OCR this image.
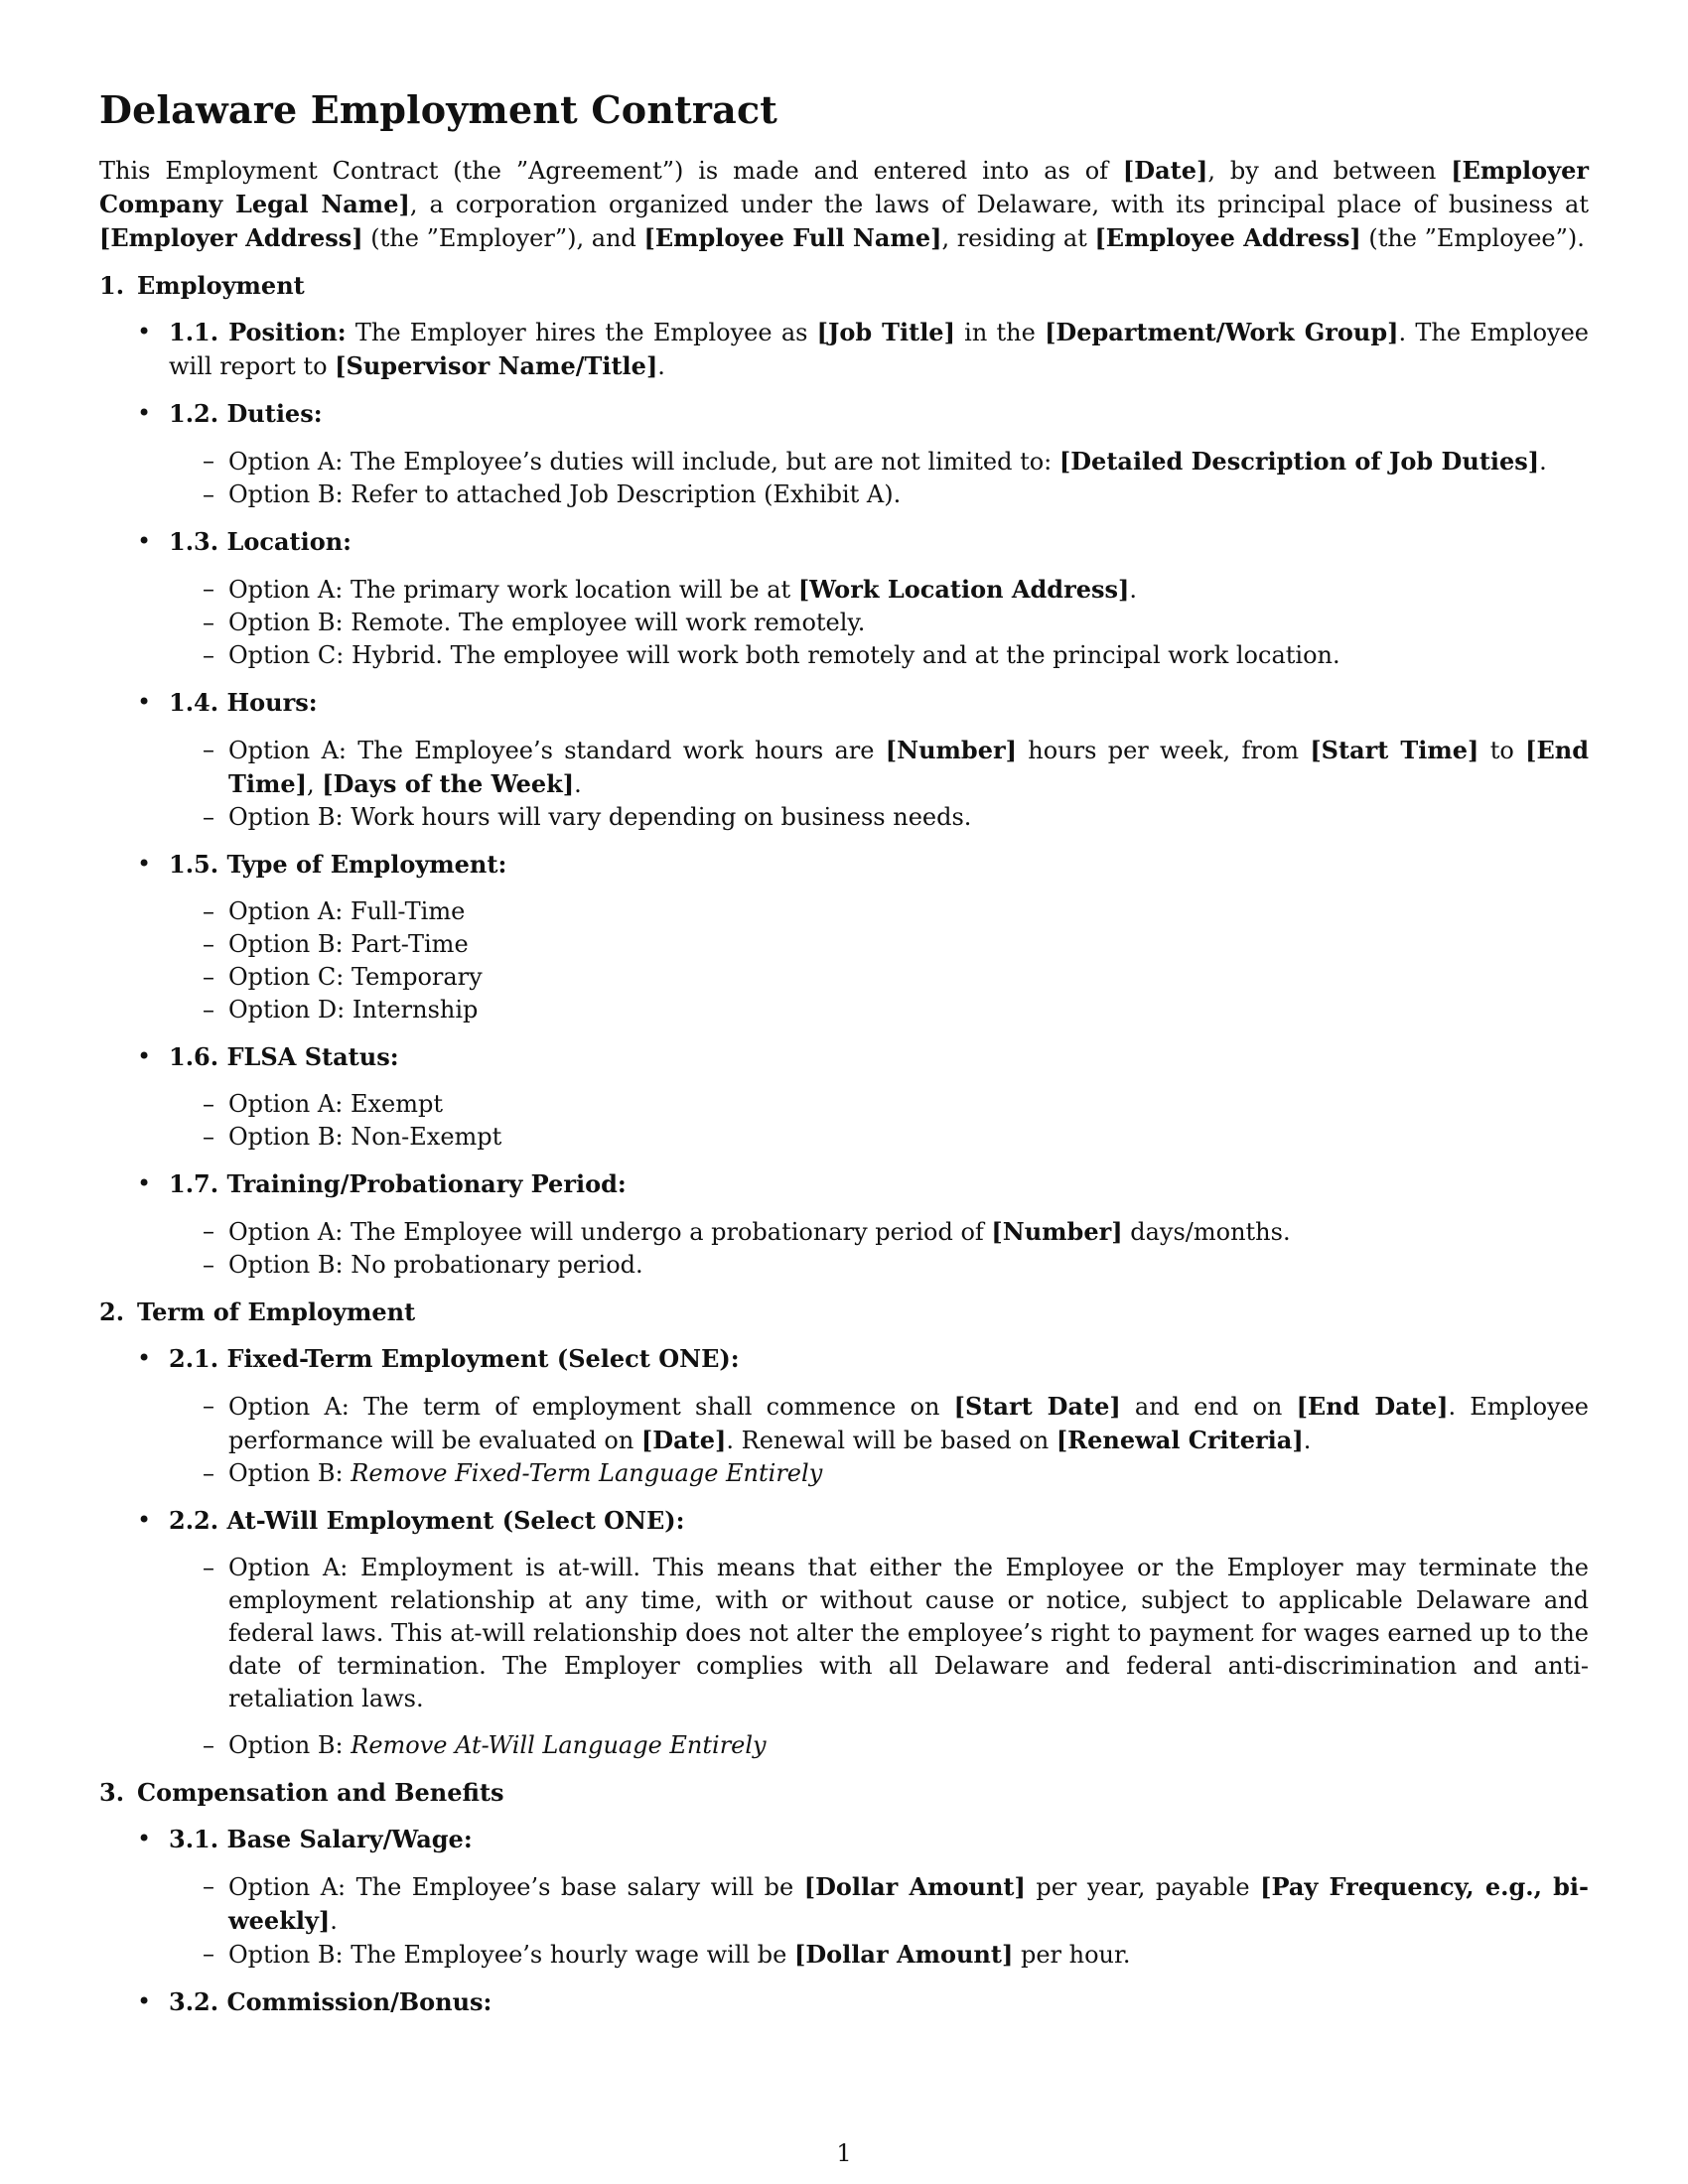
Delaware Employment Contract

This Employment Contract (the ”Agreement”) is made and entered into as of [Date], by and between [Employer Company Legal Name], a corporation organized under the laws of Delaware, with its principal place of business at [Employer Address] (the ”Employer”), and [Employee Full Name], residing at [Employee Address] (the ”Employee”).

1. Employment
• 1.1. Position: The Employer hires the Employee as [Job Title] in the [Department/Work Group]. The Employee will report to [Supervisor Name/Title].
• 1.2. Duties:
– Option A: The Employee’s duties will include, but are not limited to: [Detailed Description of Job Duties].
– Option B: Refer to attached Job Description (Exhibit A).
• 1.3. Location:
– Option A: The primary work location will be at [Work Location Address].
– Option B: Remote. The employee will work remotely.
– Option C: Hybrid. The employee will work both remotely and at the principal work location.
• 1.4. Hours:
– Option A: The Employee’s standard work hours are [Number] hours per week, from [Start Time] to [End Time], [Days of the Week].
– Option B: Work hours will vary depending on business needs.
• 1.5. Type of Employment:
– Option A: Full-Time
– Option B: Part-Time
– Option C: Temporary
– Option D: Internship
• 1.6. FLSA Status:
– Option A: Exempt
– Option B: Non-Exempt
• 1.7. Training/Probationary Period:
– Option A: The Employee will undergo a probationary period of [Number] days/months.
– Option B: No probationary period.
2. Term of Employment
• 2.1. Fixed-Term Employment (Select ONE):
– Option A: The term of employment shall commence on [Start Date] and end on [End Date]. Employee performance will be evaluated on [Date]. Renewal will be based on [Renewal Criteria].
– Option B: Remove Fixed-Term Language Entirely
• 2.2. At-Will Employment (Select ONE):
– Option A: Employment is at-will. This means that either the Employee or the Employer may terminate the employment relationship at any time, with or without cause or notice, subject to applicable Delaware and federal laws. This at-will relationship does not alter the employee’s right to payment for wages earned up to the date of termination. The Employer complies with all Delaware and federal anti-discrimination and anti-retaliation laws.
– Option B: Remove At-Will Language Entirely
3. Compensation and Benefits
• 3.1. Base Salary/Wage:
– Option A: The Employee’s base salary will be [Dollar Amount] per year, payable [Pay Frequency, e.g., bi-weekly].
– Option B: The Employee’s hourly wage will be [Dollar Amount] per hour.
• 3.2. Commission/Bonus:
1
